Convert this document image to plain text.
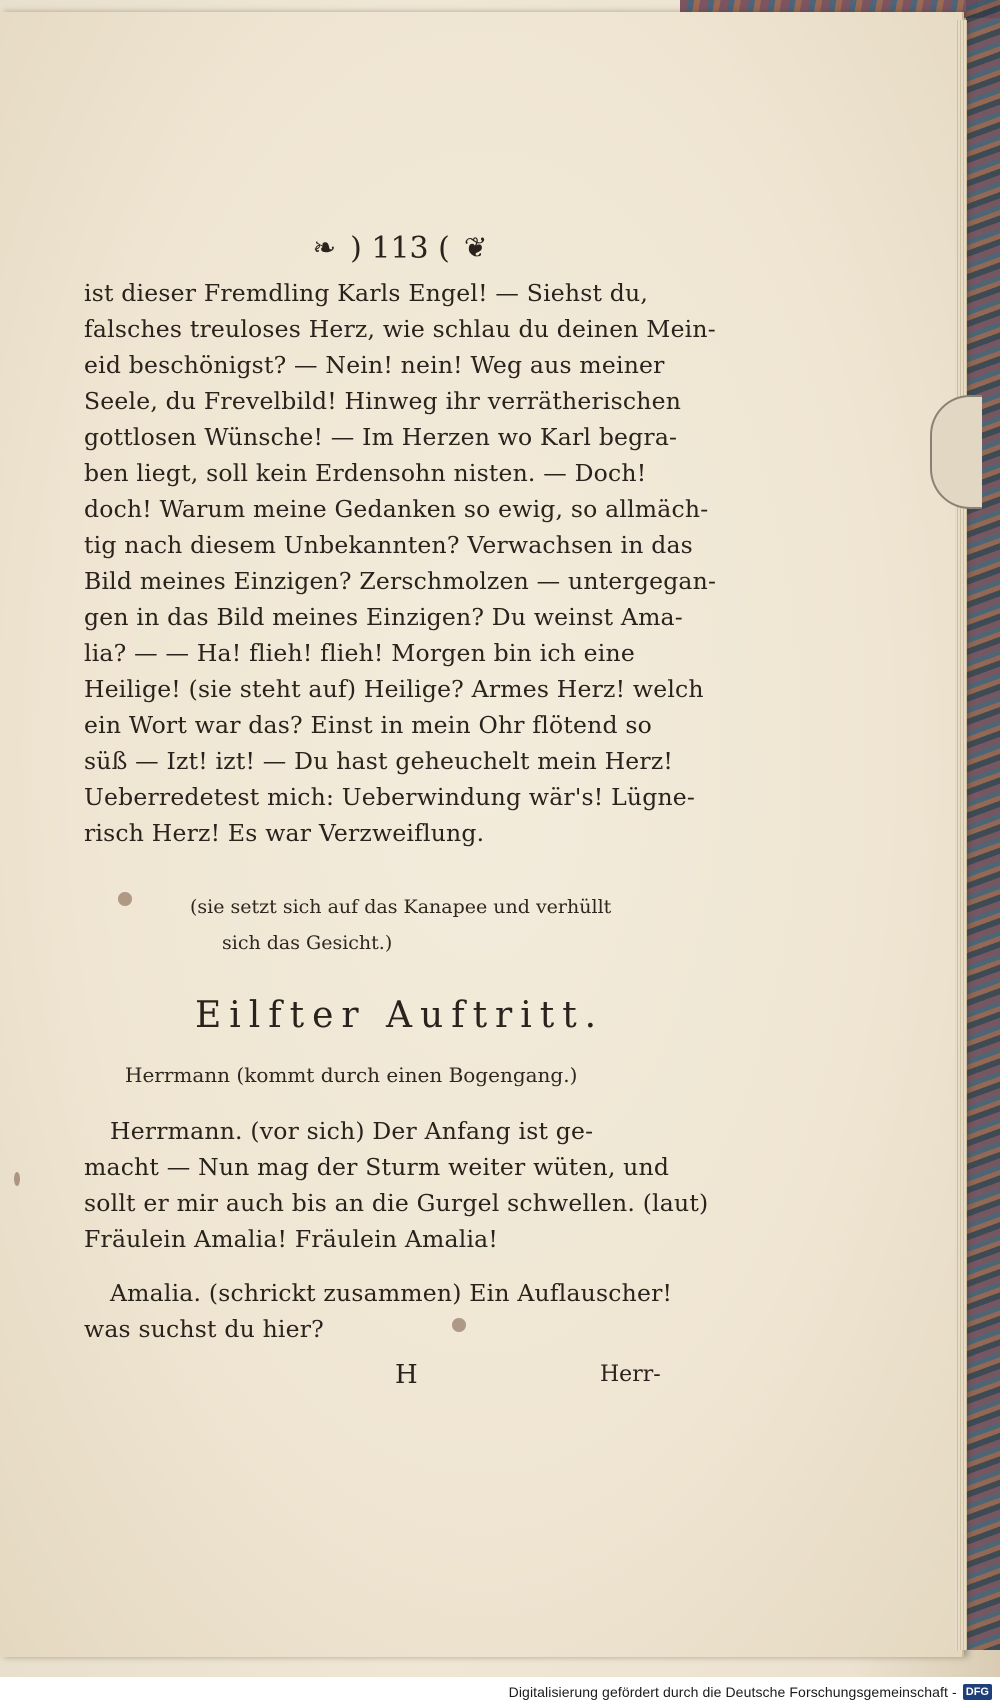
❧ ) 113 ( ❦
ist dieser Fremdling Karls Engel! — Siehst du,
falsches treuloses Herz, wie schlau du deinen Mein-
eid beschönigst? — Nein! nein! Weg aus meiner
Seele, du Frevelbild! Hinweg ihr verrätherischen
gottlosen Wünsche! — Im Herzen wo Karl begra-
ben liegt, soll kein Erdensohn nisten. — Doch!
doch! Warum meine Gedanken so ewig, so allmäch-
tig nach diesem Unbekannten? Verwachsen in das
Bild meines Einzigen? Zerschmolzen — untergegan-
gen in das Bild meines Einzigen? Du weinst Ama-
lia? — — Ha! flieh! flieh! Morgen bin ich eine
Heilige! (sie steht auf) Heilige? Armes Herz! welch
ein Wort war das? Einst in mein Ohr flötend so
süß — Izt! izt! — Du hast geheuchelt mein Herz!
Ueberredetest mich: Ueberwindung wär's! Lügne-
risch Herz! Es war Verzweiflung.
(sie setzt sich auf das Kanapee und verhüllt
sich das Gesicht.)
Eilfter Auftritt.
Herrmann (kommt durch einen Bogengang.)
Herrmann. (vor sich) Der Anfang ist ge-
macht — Nun mag der Sturm weiter wüten, und
sollt er mir auch bis an die Gurgel schwellen. (laut)
Fräulein Amalia! Fräulein Amalia!
Amalia. (schrickt zusammen) Ein Auflauscher!
was suchst du hier?
H	Herr-
Digitalisierung gefördert durch die Deutsche Forschungsgemeinschaft - DFG
